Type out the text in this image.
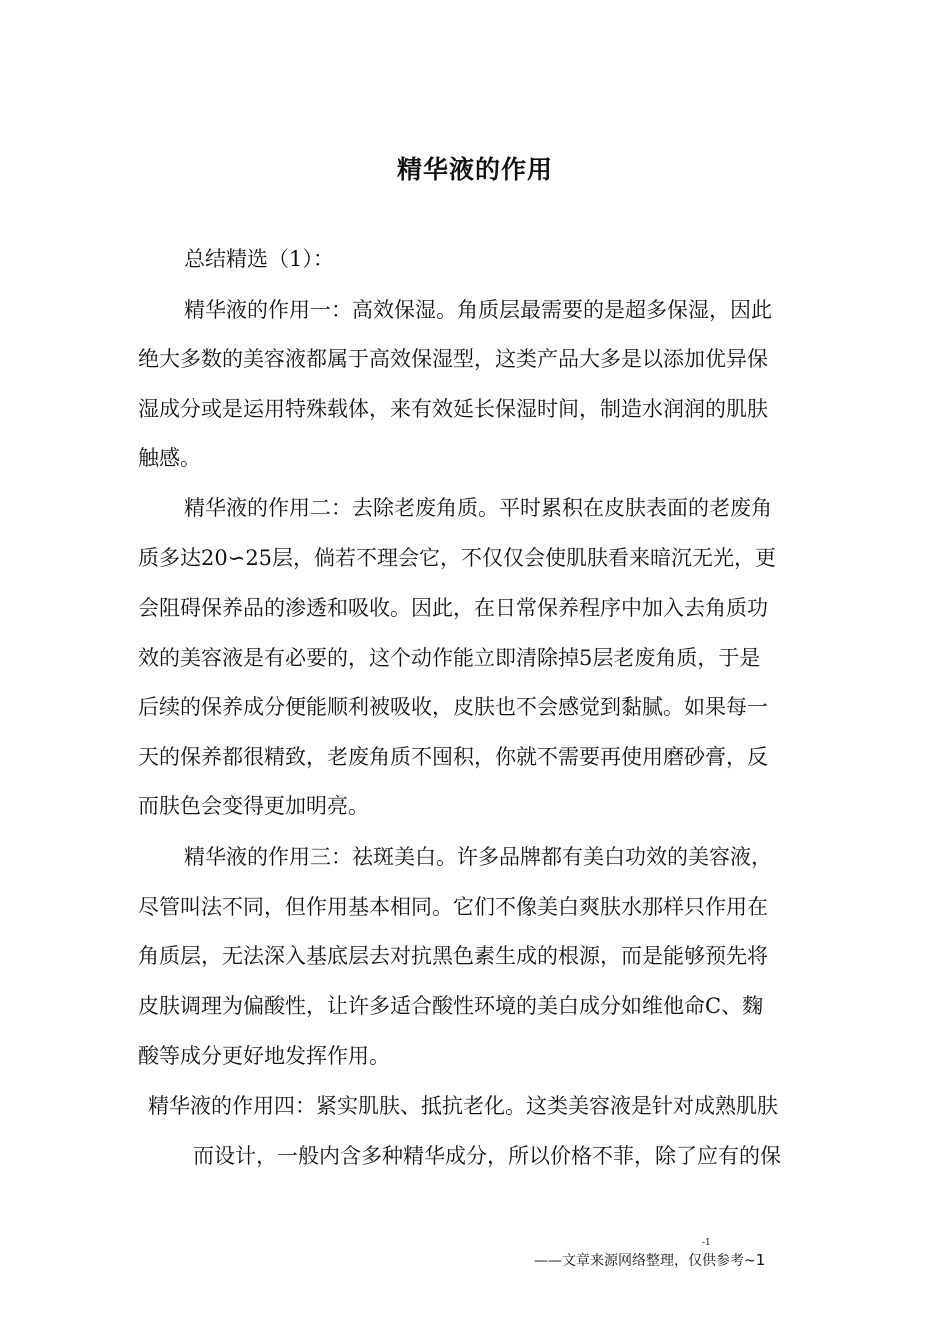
精华液的作用
总结精选（1）：
精华液的作用一：高效保湿。角质层最需要的是超多保湿，因此
绝大多数的美容液都属于高效保湿型，这类产品大多是以添加优异保
湿成分或是运用特殊载体，来有效延长保湿时间，制造水润润的肌肤
触感。
精华液的作用二：去除老废角质。平时累积在皮肤表面的老废角
质多达20∽25层，倘若不理会它，不仅仅会使肌肤看来暗沉无光，更
会阻碍保养品的渗透和吸收。因此，在日常保养程序中加入去角质功
效的美容液是有必要的，这个动作能立即清除掉5层老废角质，于是
后续的保养成分便能顺利被吸收，皮肤也不会感觉到黏腻。如果每一
天的保养都很精致，老废角质不囤积，你就不需要再使用磨砂膏，反
而肤色会变得更加明亮。
精华液的作用三：祛斑美白。许多品牌都有美白功效的美容液，
尽管叫法不同，但作用基本相同。它们不像美白爽肤水那样只作用在
角质层，无法深入基底层去对抗黑色素生成的根源，而是能够预先将
皮肤调理为偏酸性，让许多适合酸性环境的美白成分如维他命C、麴
酸等成分更好地发挥作用。
精华液的作用四：紧实肌肤、抵抗老化。这类美容液是针对成熟肌肤
而设计，一般内含多种精华成分，所以价格不菲，除了应有的保
-1
——文章来源网络整理，仅供参考~1
